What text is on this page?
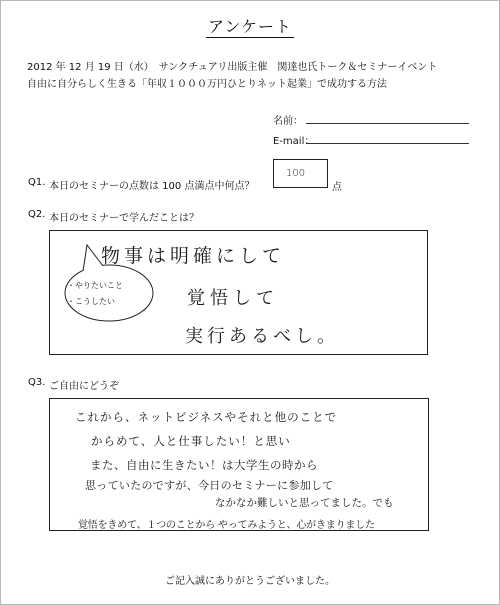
アンケート
2012 年 12 月 19 日（水）　サンクチュアリ出版主催　関達也氏トーク＆セミナーイベント
自由に自分らしく生きる「年収１０００万円ひとりネット起業」で成功する方法
名前：
E-mail：
Q1. 本日のセミナーの点数は 100 点満点中何点？
100
点
Q2. 本日のセミナーで学んだことは？
・やりたいこと
・こうしたい
物事は明確にして
覚悟して
実行あるべし。
Q3. ご自由にどうぞ
これから、ネットビジネスやそれと他のことで
からめて、人と仕事したい！と思い
また、自由に生きたい！は大学生の時から
思っていたのですが、今日のセミナーに参加して
なかなか難しいと思ってました。でも
覚悟をきめて、１つのことから やってみようと、心がきまりました
ご記入誠にありがとうございました。
